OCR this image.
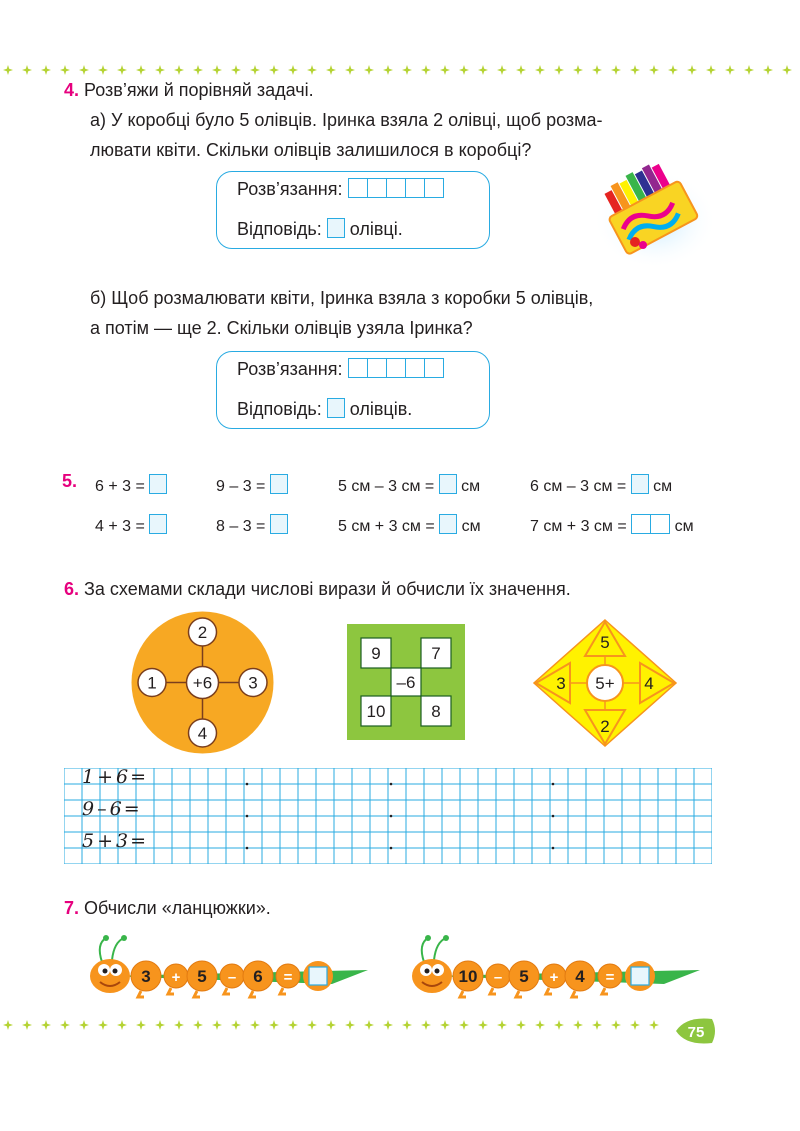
4. Розв’яжи й порівняй задачі.
а) У коробці було 5 олівців. Іринка взяла 2 олівці, щоб розма-
лювати квіти. Скільки олівців залишилося в коробці?
Розв’язання:
Відповідь: олівці.
б) Щоб розмалювати квіти, Іринка взяла з коробки 5 олівців,
а потім — ще 2. Скільки олівців узяла Іринка?
Розв’язання:
Відповідь: олівців.
5. 6 + 3 =	9 – 3 =	5 см – 3 см = см	6 см – 3 см = см
4 + 3 =	8 – 3 =	5 см + 3 см = см	7 см + 3 см =	см
6. За схемами склади числові вирази й обчисли їх значення.
+6
2
1	3
4
9	7
–6
10	8
5
5+
3	4
2
1 + 6 =
9 – 6 =
5 + 3 =
7. Обчисли «ланцюжки».
3 + 5 – 6 =	10 – 5 + 4 =
75
